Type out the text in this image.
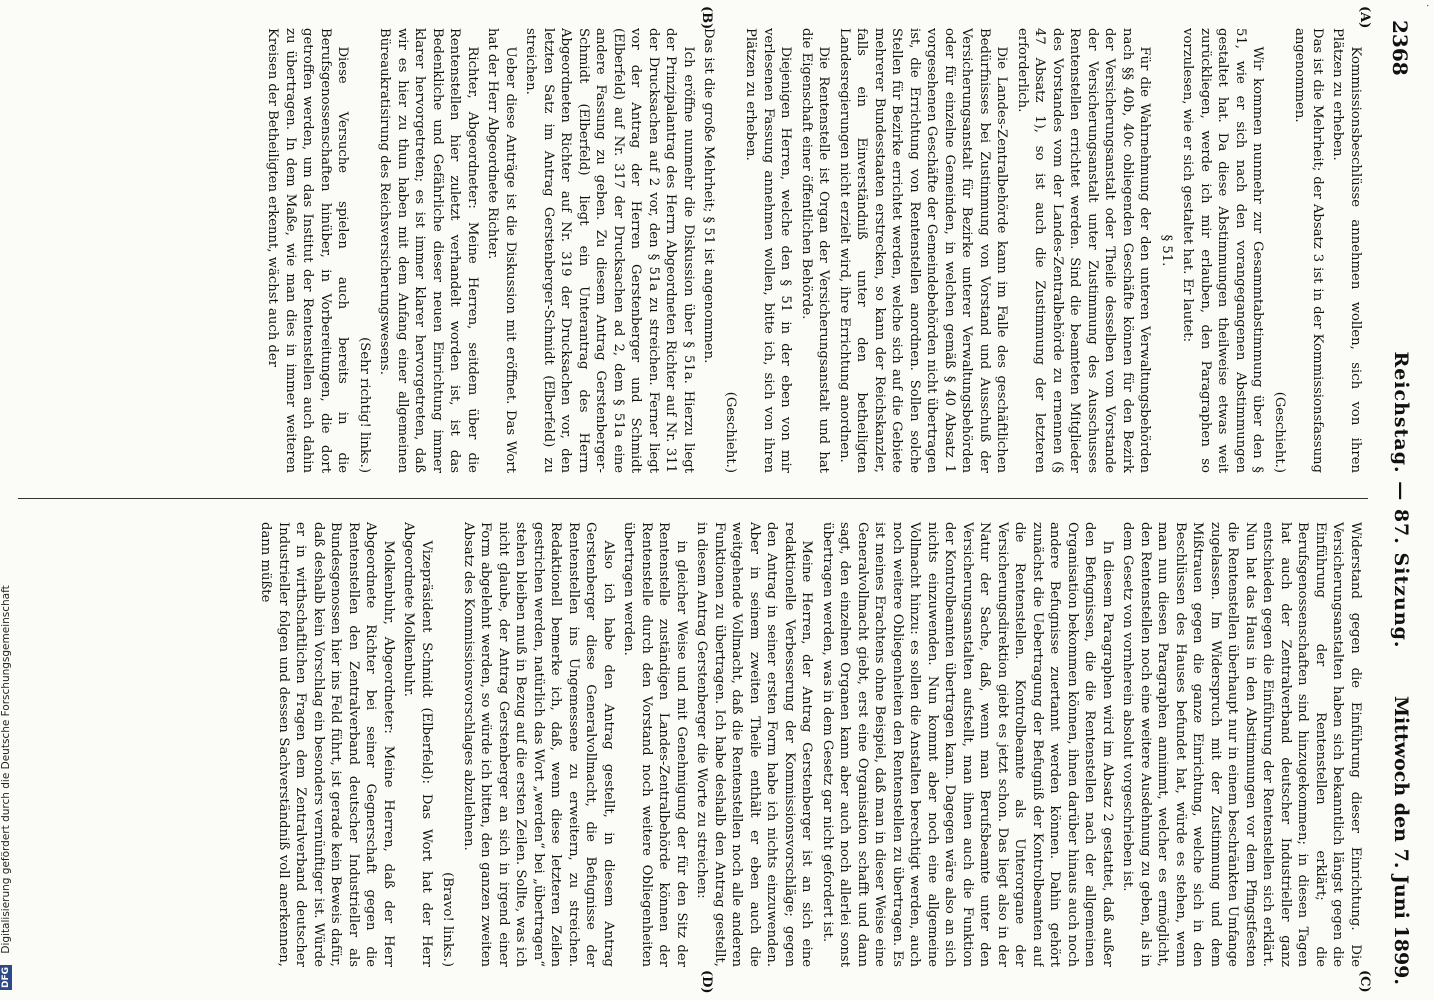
·
2368
Reichstag. — 87. Sitzung.
Mittwoch den 7. Juni 1899.
(A)
(B)
(C)
(D)

Kommissionsbeschlüsse annehmen wollen, sich von ihren Plätzen zu erheben.

Das ist die Mehrheit; der Absatz 3 ist in der Kommissionsfassung angenommen.

(Geschieht.)

Wir kommen nunmehr zur Gesammtabstimmung über den § 51, wie er sich nach den vorangegangenen Abstimmungen gestaltet hat. Da diese Abstimmungen theilweise etwas weit zurückliegen, werde ich mir erlauben, den Paragraphen so vorzulesen, wie er sich gestaltet hat. Er lautet:

§ 51.

Für die Wahrnehmung der den unteren Verwaltungsbehörden nach §§ 40b, 40c obliegenden Geschäfte können für den Bezirk der Versicherungsanstalt oder Theile desselben vom Vorstande der Versicherungsanstalt unter Zustimmung des Ausschusses Rentenstellen errichtet werden. Sind die beamteten Mitglieder des Vorstandes vom der Landes-Zentralbehörde zu ernennen (§ 47 Absatz 1), so ist auch die Zustimmung der letzteren erforderlich.

Die Landes-Zentralbehörde kann im Falle des geschäftlichen Bedürfnisses bei Zustimmung von Vorstand und Ausschuß der Versicherungsanstalt für Bezirke unterer Verwaltungsbehörden oder für einzelne Gemeinden, in welchen gemäß § 40 Absatz 1 vorgesehenen Geschäfte der Gemeindebehörden nicht übertragen ist, die Errichtung von Rentenstellen anordnen. Sollen solche Stellen für Bezirke errichtet werden, welche sich auf die Gebiete mehrerer Bundesstaaten erstrecken, so kann der Reichskanzler, falls ein Einverständniß unter den betheiligten Landesregierungen nicht erzielt wird, ihre Errichtung anordnen.

Die Rentenstelle ist Organ der Versicherungsanstalt und hat die Eigenschaft einer öffentlichen Behörde.

Diejenigen Herren, welche den § 51 in der eben von mir verlesenen Fassung annehmen wollen, bitte ich, sich von ihren Plätzen zu erheben.

(Geschieht.)

Das ist die große Mehrheit; § 51 ist angenommen.

Ich eröffne nunmehr die Diskussion über § 51a. Hierzu liegt der Prinzipalantrag des Herrn Abgeordneten Richter auf Nr. 311 der Drucksachen auf 2 vor, den § 51a zu streichen. Ferner liegt vor der Antrag der Herren Gerstenberger und Schmidt (Elberfeld) auf Nr. 317 der Drucksachen ad 2, dem § 51a eine andere Fassung zu geben. Zu diesem Antrag Gerstenberger-Schmidt (Elberfeld) liegt ein Unterantrag des Herrn Abgeordneten Richter auf Nr. 319 der Drucksachen vor, den letzten Satz im Antrag Gerstenberger-Schmidt (Elberfeld) zu streichen.

Ueber diese Anträge ist die Diskussion mit eröffnet. Das Wort hat der Herr Abgeordnete Richter.

Richter, Abgeordneter: Meine Herren, seitdem über die Rentenstellen hier zuletzt verhandelt worden ist, ist das Bedenkliche und Gefährliche dieser neuen Einrichtung immer klarer hervorgetreten; es ist immer klarer hervorgetreten, daß wir es hier zu thun haben mit dem Anfang einer allgemeinen Büreaukratisirung des Reichsversicherungswesens.

(Sehr richtig! links.)

Diese Versuche spielen auch bereits in die Berufsgenossenschaften hinüber, in Vorbereitungen, die dort getroffen werden, um das Institut der Rentenstellen auch dahin zu übertragen. In dem Maße, wie man dies in immer weiteren Kreisen der Betheiligten erkennt, wächst auch der

Widerstand gegen die Einführung dieser Einrichtung. Die Versicherungsanstalten haben sich bekanntlich längst gegen die Einführung der Rentenstellen erklärt; die Berufsgenossenschaften sind hinzugekommen; in diesen Tagen hat auch der Zentralverband deutscher Industrieller ganz entschieden gegen die Einführung der Rentenstellen sich erklärt. Nun hat das Haus in den Abstimmungen vor dem Pfingstfesten die Rentenstellen überhaupt nur in einem beschränkten Umfange zugelassen. Im Widerspruch mit der Zustimmung und dem Mißtrauen gegen die ganze Einrichtung, welche sich in den Beschlüssen des Hauses befundet hat, würde es stehen, wenn man nun diesen Paragraphen annimmt, welcher es ermöglicht, den Rentenstellen noch eine weitere Ausdehnung zu geben, als in dem Gesetz von vornherein absolut vorgeschrieben ist.

In diesem Paragraphen wird im Absatz 2 gestattet, daß außer den Befugnissen, die die Rentenstellen nach der allgemeinen Organisation bekommen können, ihnen darüber hinaus auch noch andere Befugnisse zuertannt werden können. Dahin gehört zunächst die Uebertragung der Befugniß der Kontrolbeamten auf die Rentenstellen. Kontrolbeamte als Unterorgane der Versicherungsdirektion giebt es jetzt schon. Das liegt also in der Natur der Sache, daß, wenn man Berufsbeamte unter den Versicherungsanstalten aufstellt, man ihnen auch die Funktion der Kontrolbeamten übertragen kann. Dagegen wäre also an sich nichts einzuwenden. Nun kommt aber noch eine allgemeine Vollmacht hinzu: es sollen die Anstalten berechtigt werden, auch noch weitere Obliegenheiten den Rentenstellen zu übertragen. Es ist meines Erachtens ohne Beispiel, daß man in dieser Weise eine Generalvollmacht giebt, erst eine Organisation schafft und dann sagt, den einzelnen Organen kann aber auch noch allerlei sonst übertragen werden, was in dem Gesetz gar nicht gefordert ist.

Meine Herren, der Antrag Gerstenberger ist an sich eine redaktionelle Verbesserung der Kommissionsvorschläge; gegen den Antrag in seiner ersten Form habe ich nichts einzuwenden. Aber in seinem zweiten Theile enthält er eben auch die weitgehende Vollmacht, daß die Rentenstellen noch alle anderen Funktionen zu übertragen. Ich habe deshalb den Antrag gestellt, in diesem Antrag Gerstenberger die Worte zu streichen:

in gleicher Weise und mit Genehmigung der für den Sitz der Rentenstelle zuständigen Landes-Zentralbehörde können der Rentenstelle durch den Vorstand noch weitere Obliegenheiten übertragen werden.

Also ich habe den Antrag gestellt, in diesem Antrag Gerstenberger diese Generalvollmacht, die Befugnisse der Rentenstellen ins Ungemessene zu erweitern, zu streichen. Redaktionell bemerke ich, daß, wenn diese letzteren Zeilen gestrichen werden, natürlich das Wort „werden“ bei „übertragen“ stehen bleiben muß in Bezug auf die ersten Zeilen. Sollte, was ich nicht glaube, der Antrag Gerstenberger an sich in irgend einer Form abgelehnt werden, so würde ich bitten, den ganzen zweiten Absatz des Kommissionsvorschlages abzulehnen.

(Bravo! links.)

Vizepräsident Schmidt (Elberfeld): Das Wort hat der Herr Abgeordnete Molkenbuhr.

Molkenbuhr, Abgeordneter: Meine Herren, daß der Herr Abgeordnete Richter bei seiner Gegnerschaft gegen die Rentenstellen den Zentralverband deutscher Industrieller als Bundesgenossen hier ins Feld führt, ist gerade kein Beweis dafür, daß deshalb kein Vorschlag ein besonders vernünftiger ist. Würde er in wirthschaftlichen Fragen dem Zentralverband deutscher Industrieller folgen und dessen Sachverständniß voll anerkennen, dann müßte

DFG Digitalisierung gefördert durch die Deutsche Forschungsgemeinschaft
